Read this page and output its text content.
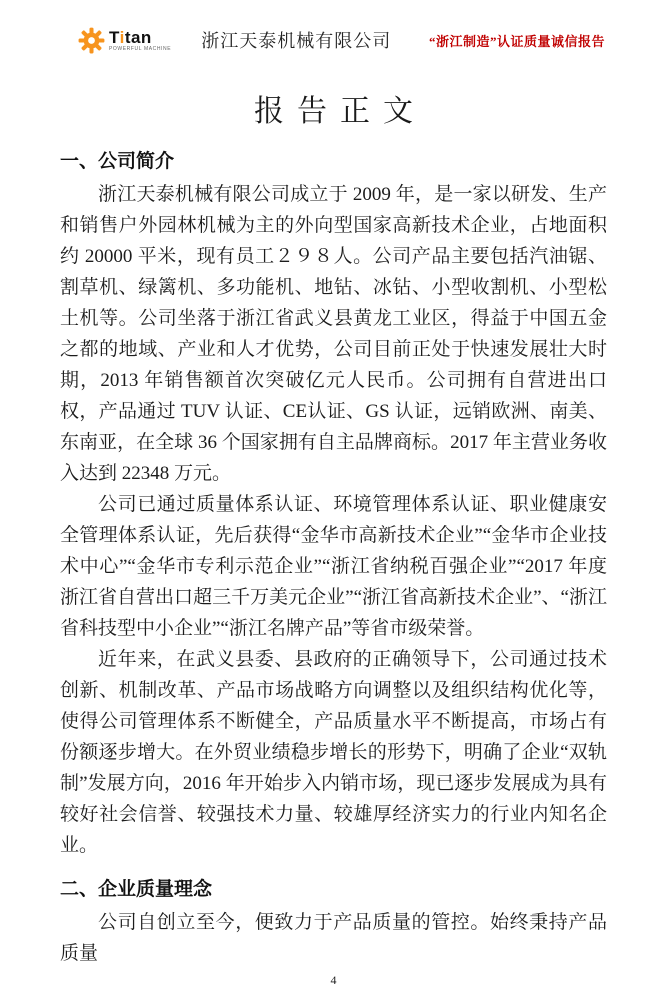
Titan
POWERFUL MACHINE 浙江天泰机械有限公司	“浙江制造”认证质量诚信报告
报告正文
一、公司简介

浙江天泰机械有限公司成立于 2009 年，是一家以研发、生产和销售户外园林机械为主的外向型国家高新技术企业，占地面积约 20000 平米，现有员工２９８人。公司产品主要包括汽油锯、割草机、绿篱机、多功能机、地钻、冰钻、小型收割机、小型松土机等。公司坐落于浙江省武义县黄龙工业区，得益于中国五金之都的地域、产业和人才优势，公司目前正处于快速发展壮大时期，2013 年销售额首次突破亿元人民币。公司拥有自营进出口权，产品通过 TUV 认证、CE认证、GS 认证，远销欧洲、南美、东南亚，在全球 36 个国家拥有自主品牌商标。2017 年主营业务收入达到 22348 万元。

公司已通过质量体系认证、环境管理体系认证、职业健康安全管理体系认证，先后获得“金华市高新技术企业”“金华市企业技术中心”“金华市专利示范企业”“浙江省纳税百强企业”“2017 年度浙江省自营出口超三千万美元企业”“浙江省高新技术企业”、“浙江省科技型中小企业”“浙江名牌产品”等省市级荣誉。

近年来，在武义县委、县政府的正确领导下，公司通过技术创新、机制改革、产品市场战略方向调整以及组织结构优化等，使得公司管理体系不断健全，产品质量水平不断提高，市场占有份额逐步增大。在外贸业绩稳步增长的形势下，明确了企业“双轨制”发展方向，2016 年开始步入内销市场，现已逐步发展成为具有较好社会信誉、较强技术力量、较雄厚经济实力的行业内知名企业。

二、企业质量理念

公司自创立至今，便致力于产品质量的管控。始终秉持产品质量

4
